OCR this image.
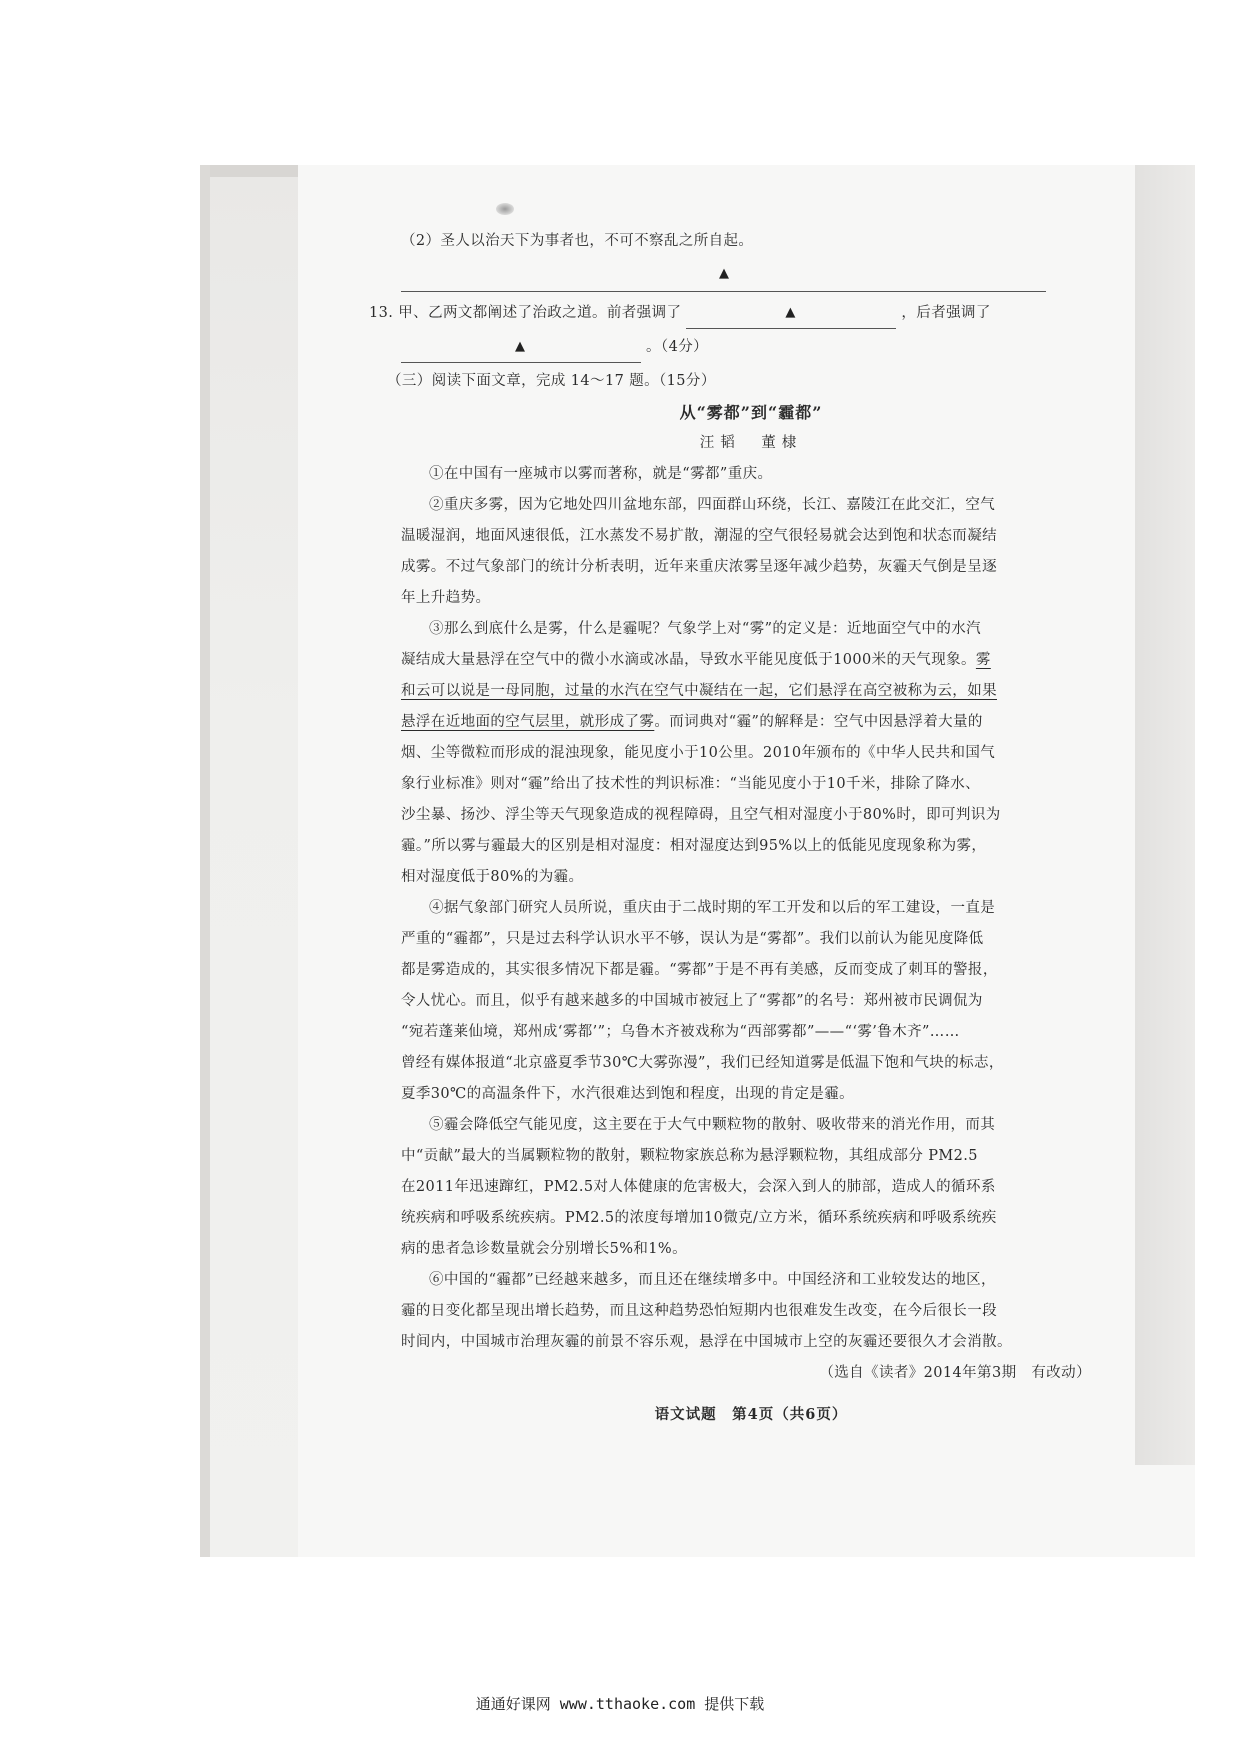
（2）圣人以治天下为事者也，不可不察乱之所自起。
▲
13. 甲、乙两文都阐述了治政之道。前者强调了	▲	，后者强调了
▲	。（4分）
（三）阅读下面文章，完成 14～17 题。（15分）
从“雾都”到“霾都”
汪韬　董棣
①在中国有一座城市以雾而著称，就是“雾都”重庆。
②重庆多雾，因为它地处四川盆地东部，四面群山环绕，长江、嘉陵江在此交汇，空气
温暖湿润，地面风速很低，江水蒸发不易扩散，潮湿的空气很轻易就会达到饱和状态而凝结
成雾。不过气象部门的统计分析表明，近年来重庆浓雾呈逐年减少趋势，灰霾天气倒是呈逐
年上升趋势。
③那么到底什么是雾，什么是霾呢？气象学上对“雾”的定义是：近地面空气中的水汽
凝结成大量悬浮在空气中的微小水滴或冰晶，导致水平能见度低于1000米的天气现象。雾
和云可以说是一母同胞，过量的水汽在空气中凝结在一起，它们悬浮在高空被称为云，如果
悬浮在近地面的空气层里，就形成了雾。而词典对“霾”的解释是：空气中因悬浮着大量的
烟、尘等微粒而形成的混浊现象，能见度小于10公里。2010年颁布的《中华人民共和国气
象行业标准》则对“霾”给出了技术性的判识标准：“当能见度小于10千米，排除了降水、
沙尘暴、扬沙、浮尘等天气现象造成的视程障碍，且空气相对湿度小于80%时，即可判识为
霾。”所以雾与霾最大的区别是相对湿度：相对湿度达到95%以上的低能见度现象称为雾，
相对湿度低于80%的为霾。
④据气象部门研究人员所说，重庆由于二战时期的军工开发和以后的军工建设，一直是
严重的“霾都”，只是过去科学认识水平不够，误认为是“雾都”。我们以前认为能见度降低
都是雾造成的，其实很多情况下都是霾。“雾都”于是不再有美感，反而变成了刺耳的警报，
令人忧心。而且，似乎有越来越多的中国城市被冠上了“雾都”的名号：郑州被市民调侃为
“宛若蓬莱仙境，郑州成‘雾都’”；乌鲁木齐被戏称为“西部雾都”——“‘雾’鲁木齐”……
曾经有媒体报道“北京盛夏季节30℃大雾弥漫”，我们已经知道雾是低温下饱和气块的标志，
夏季30℃的高温条件下，水汽很难达到饱和程度，出现的肯定是霾。
⑤霾会降低空气能见度，这主要在于大气中颗粒物的散射、吸收带来的消光作用，而其
中“贡献”最大的当属颗粒物的散射，颗粒物家族总称为悬浮颗粒物，其组成部分 PM2.5
在2011年迅速蹿红，PM2.5对人体健康的危害极大，会深入到人的肺部，造成人的循环系
统疾病和呼吸系统疾病。PM2.5的浓度每增加10微克/立方米，循环系统疾病和呼吸系统疾
病的患者急诊数量就会分别增长5%和1%。
⑥中国的“霾都”已经越来越多，而且还在继续增多中。中国经济和工业较发达的地区，
霾的日变化都呈现出增长趋势，而且这种趋势恐怕短期内也很难发生改变，在今后很长一段
时间内，中国城市治理灰霾的前景不容乐观，悬浮在中国城市上空的灰霾还要很久才会消散。
（选自《读者》2014年第3期　有改动）
语文试题　第4页（共6页）
通通好课网 www.tthaoke.com 提供下载
